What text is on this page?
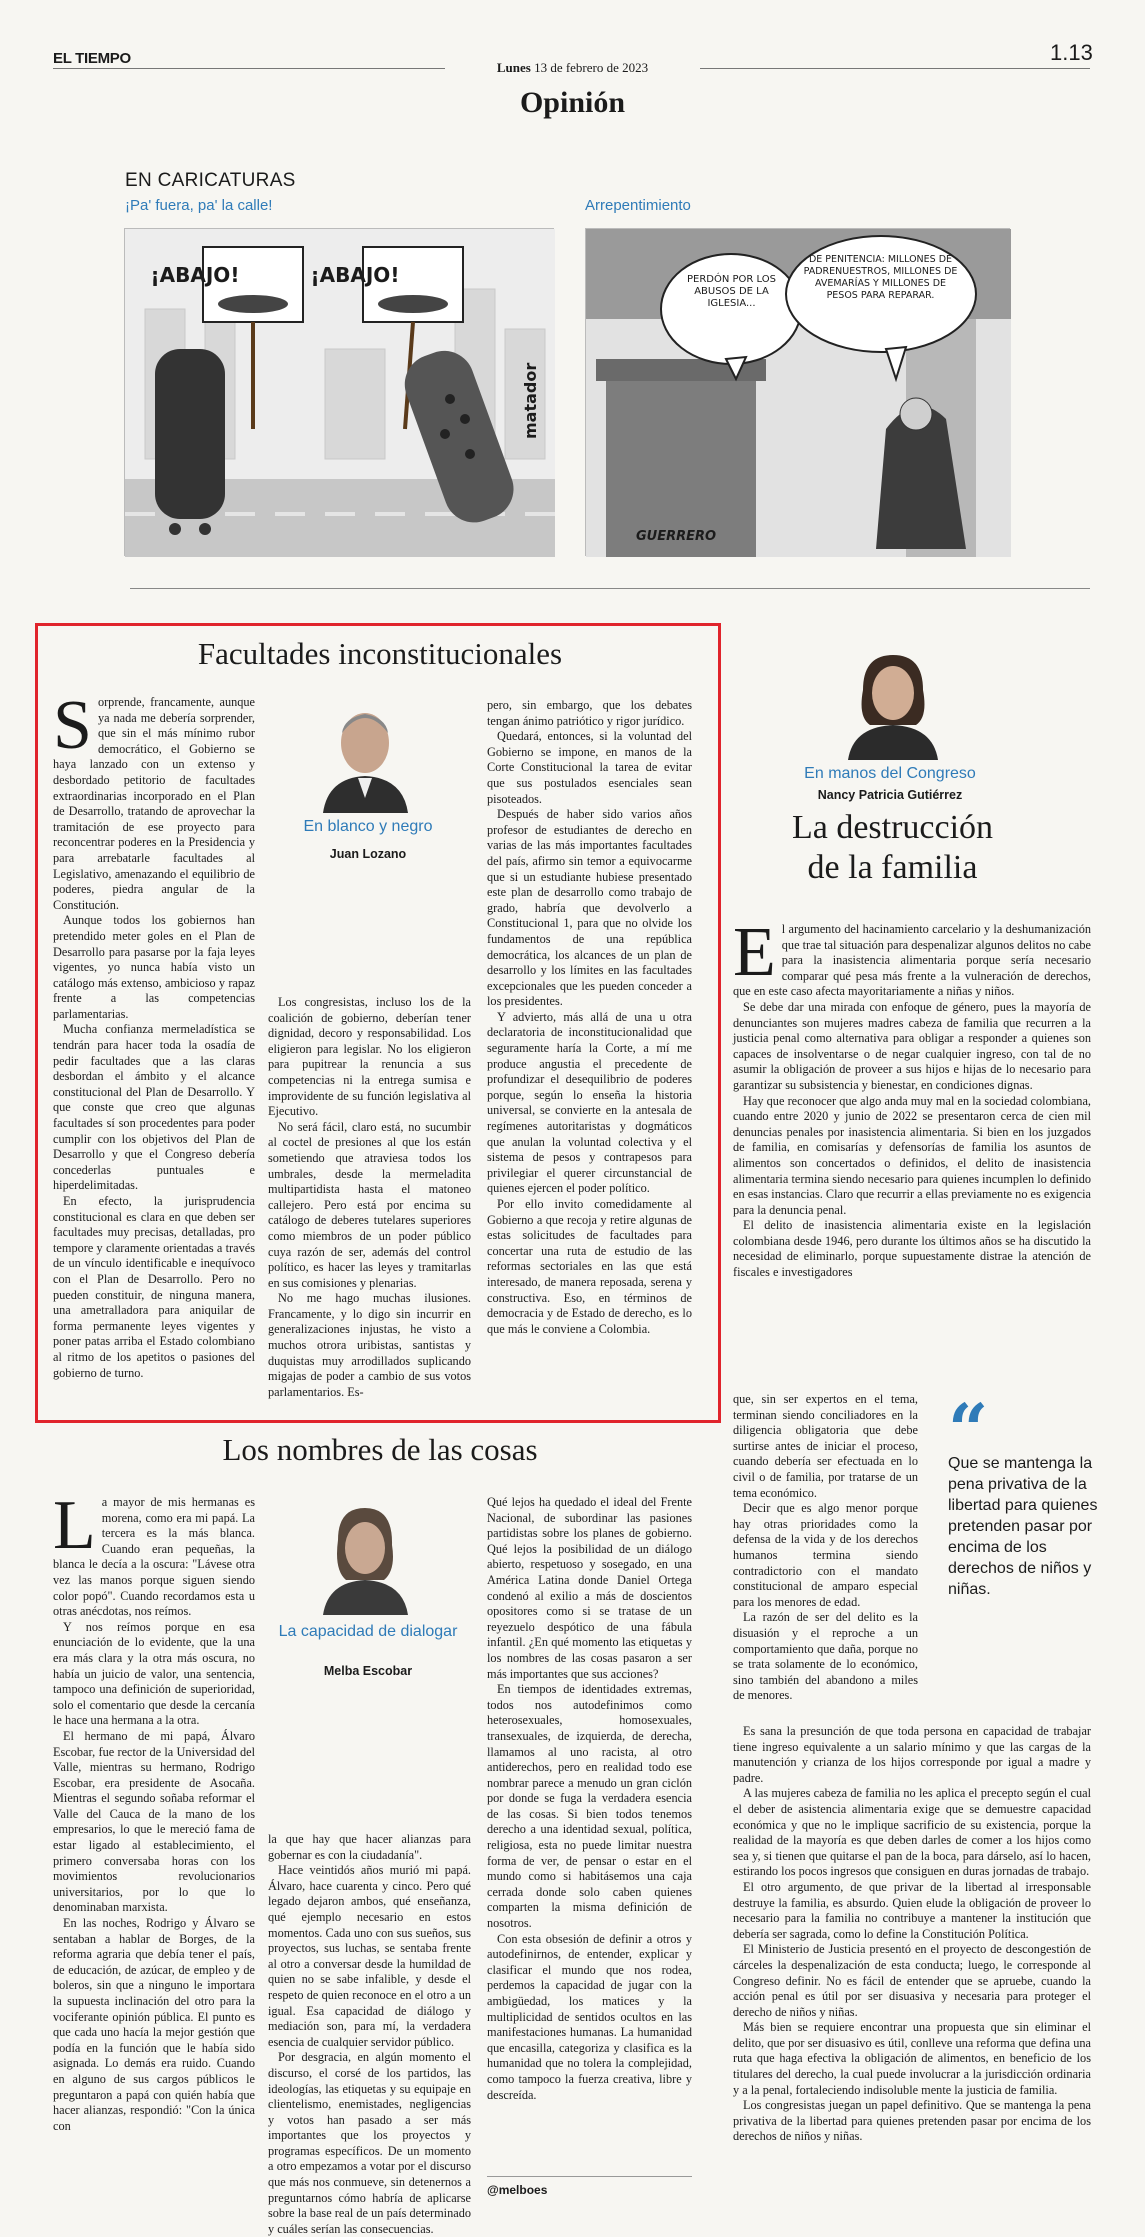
EL TIEMPO
Lunes 13 de febrero de 2023
1.13
Opinión
EN CARICATURAS
¡Pa' fuera, pa' la calle!	Arrepentimiento
¡ABAJO!	¡ABAJO!
matador
PERDÓN POR LOS ABUSOS DE LA IGLESIA...
DE PENITENCIA: MILLONES DE PADRENUESTROS, MILLONES DE AVEMARÍAS Y MILLONES DE PESOS PARA REPARAR.
GUERRERO
Facultades inconstitucionales
S orprende, francamente, aunque ya nada me debería sorprender, que sin el más mínimo rubor democrático, el Gobierno se haya lanzado con un extenso y desbordado petitorio de facultades extraordinarias incorporado en el Plan de Desarrollo, tratando de aprovechar la tramitación de ese proyecto para reconcentrar poderes en la Presidencia y para arrebatarle facultades al Legislativo, amenazando el equilibrio de poderes, piedra angular de la Constitución.

Aunque todos los gobiernos han pretendido meter goles en el Plan de Desarrollo para pasarse por la faja leyes vigentes, yo nunca había visto un catálogo más extenso, ambicioso y rapaz frente a las competencias parlamentarias.

Mucha confianza mermeladística se tendrán para hacer toda la osadía de pedir facultades que a las claras desbordan el ámbito y el alcance constitucional del Plan de Desarrollo. Y que conste que creo que algunas facultades sí son procedentes para poder cumplir con los objetivos del Plan de Desarrollo y que el Congreso debería concederlas puntuales e hiperdelimitadas.

En efecto, la jurisprudencia constitucional es clara en que deben ser facultades muy precisas, detalladas, pro tempore y claramente orientadas a través de un vínculo identificable e inequívoco con el Plan de Desarrollo. Pero no pueden constituir, de ninguna manera, una ametralladora para aniquilar de forma permanente leyes vigentes y poner patas arriba el Estado colombiano al ritmo de los apetitos o pasiones del gobierno de turno.

En blanco y negro
Juan Lozano

Los congresistas, incluso los de la coalición de gobierno, deberían tener dignidad, decoro y responsabilidad. Los eligieron para legislar. No los eligieron para pupitrear la renuncia a sus competencias ni la entrega sumisa e improvidente de su función legislativa al Ejecutivo.

No será fácil, claro está, no sucumbir al coctel de presiones al que los están sometiendo que atraviesa todos los umbrales, desde la mermeladita multipartidista hasta el matoneo callejero. Pero está por encima su catálogo de deberes tutelares superiores como miembros de un poder público cuya razón de ser, además del control político, es hacer las leyes y tramitarlas en sus comisiones y plenarias.

No me hago muchas ilusiones. Francamente, y lo digo sin incurrir en generalizaciones injustas, he visto a muchos otrora uribistas, santistas y duquistas muy arrodillados suplicando migajas de poder a cambio de sus votos parlamentarios. Es-

pero, sin embargo, que los debates tengan ánimo patriótico y rigor jurídico.

Quedará, entonces, si la voluntad del Gobierno se impone, en manos de la Corte Constitucional la tarea de evitar que sus postulados esenciales sean pisoteados.

Después de haber sido varios años profesor de estudiantes de derecho en varias de las más importantes facultades del país, afirmo sin temor a equivocarme que si un estudiante hubiese presentado este plan de desarrollo como trabajo de grado, habría que devolverlo a Constitucional 1, para que no olvide los fundamentos de una república democrática, los alcances de un plan de desarrollo y los límites en las facultades excepcionales que les pueden conceder a los presidentes.

Y advierto, más allá de una u otra declaratoria de inconstitucionalidad que seguramente haría la Corte, a mí me produce angustia el precedente de profundizar el desequilibrio de poderes porque, según lo enseña la historia universal, se convierte en la antesala de regímenes autoritaristas y dogmáticos que anulan la voluntad colectiva y el sistema de pesos y contrapesos para privilegiar el querer circunstancial de quienes ejercen el poder político.

Por ello invito comedidamente al Gobierno a que recoja y retire algunas de estas solicitudes de facultades para concertar una ruta de estudio de las reformas sectoriales en las que está interesado, de manera reposada, serena y constructiva. Eso, en términos de democracia y de Estado de derecho, es lo que más le conviene a Colombia.

Los nombres de las cosas
L a mayor de mis hermanas es morena, como era mi papá. La tercera es la más blanca. Cuando eran pequeñas, la blanca le decía a la oscura: "Lávese otra vez las manos porque siguen siendo color popó". Cuando recordamos esta u otras anécdotas, nos reímos.

Y nos reímos porque en esa enunciación de lo evidente, que la una era más clara y la otra más oscura, no había un juicio de valor, una sentencia, tampoco una definición de superioridad, solo el comentario que desde la cercanía le hace una hermana a la otra.

El hermano de mi papá, Álvaro Escobar, fue rector de la Universidad del Valle, mientras su hermano, Rodrigo Escobar, era presidente de Asocaña. Mientras el segundo soñaba reformar el Valle del Cauca de la mano de los empresarios, lo que le mereció fama de estar ligado al establecimiento, el primero conversaba horas con los movimientos revolucionarios universitarios, por lo que lo denominaban marxista.

En las noches, Rodrigo y Álvaro se sentaban a hablar de Borges, de la reforma agraria que debía tener el país, de educación, de azúcar, de empleo y de boleros, sin que a ninguno le importara la supuesta inclinación del otro para la vociferante opinión pública. El punto es que cada uno hacía la mejor gestión que podía en la función que le había sido asignada. Lo demás era ruido. Cuando en alguno de sus cargos públicos le preguntaron a papá con quién había que hacer alianzas, respondió: "Con la única con

La capacidad de dialogar
Melba Escobar

la que hay que hacer alianzas para gobernar es con la ciudadanía".

Hace veintidós años murió mi papá. Álvaro, hace cuarenta y cinco. Pero qué legado dejaron ambos, qué enseñanza, qué ejemplo necesario en estos momentos. Cada uno con sus sueños, sus proyectos, sus luchas, se sentaba frente al otro a conversar desde la humildad de quien no se sabe infalible, y desde el respeto de quien reconoce en el otro a un igual. Esa capacidad de diálogo y mediación son, para mí, la verdadera esencia de cualquier servidor público.

Por desgracia, en algún momento el discurso, el corsé de los partidos, las ideologías, las etiquetas y su equipaje en clientelismo, enemistades, negligencias y votos han pasado a ser más importantes que los proyectos y programas específicos. De un momento a otro empezamos a votar por el discurso que más nos conmueve, sin detenernos a preguntarnos cómo habría de aplicarse sobre la base real de un país determinado y cuáles serían las consecuencias.

Qué lejos ha quedado el ideal del Frente Nacional, de subordinar las pasiones partidistas sobre los planes de gobierno. Qué lejos la posibilidad de un diálogo abierto, respetuoso y sosegado, en una América Latina donde Daniel Ortega condenó al exilio a más de doscientos opositores como si se tratase de un reyezuelo despótico de una fábula infantil. ¿En qué momento las etiquetas y los nombres de las cosas pasaron a ser más importantes que sus acciones?

En tiempos de identidades extremas, todos nos autodefinimos como heterosexuales, homosexuales, transexuales, de izquierda, de derecha, llamamos al uno racista, al otro antiderechos, pero en realidad todo ese nombrar parece a menudo un gran ciclón por donde se fuga la verdadera esencia de las cosas. Si bien todos tenemos derecho a una identidad sexual, política, religiosa, esta no puede limitar nuestra forma de ver, de pensar o estar en el mundo como si habitásemos una caja cerrada donde solo caben quienes comparten la misma definición de nosotros.

Con esta obsesión de definir a otros y autodefinirnos, de entender, explicar y clasificar el mundo que nos rodea, perdemos la capacidad de jugar con la ambigüedad, los matices y la multiplicidad de sentidos ocultos en las manifestaciones humanas. La humanidad que encasilla, categoriza y clasifica es la humanidad que no tolera la complejidad, como tampoco la fuerza creativa, libre y descreída.

@melboes
En manos del Congreso
Nancy Patricia Gutiérrez
La destrucción
de la familia
E l argumento del hacinamiento carcelario y la deshumanización que trae tal situación para despenalizar algunos delitos no cabe para la inasistencia alimentaria porque sería necesario comparar qué pesa más frente a la vulneración de derechos, que en este caso afecta mayoritariamente a niñas y niños.

Se debe dar una mirada con enfoque de género, pues la mayoría de denunciantes son mujeres madres cabeza de familia que recurren a la justicia penal como alternativa para obligar a responder a quienes son capaces de insolventarse o de negar cualquier ingreso, con tal de no asumir la obligación de proveer a sus hijos e hijas de lo necesario para garantizar su subsistencia y bienestar, en condiciones dignas.

Hay que reconocer que algo anda muy mal en la sociedad colombiana, cuando entre 2020 y junio de 2022 se presentaron cerca de cien mil denuncias penales por inasistencia alimentaria. Si bien en los juzgados de familia, en comisarías y defensorías de familia los asuntos de alimentos son concertados o definidos, el delito de inasistencia alimentaria termina siendo necesario para quienes incumplen lo definido en esas instancias. Claro que recurrir a ellas previamente no es exigencia para la denuncia penal.

El delito de inasistencia alimentaria existe en la legislación colombiana desde 1946, pero durante los últimos años se ha discutido la necesidad de eliminarlo, porque supuestamente distrae la atención de fiscales e investigadores

que, sin ser expertos en el tema, terminan siendo conciliadores en la diligencia obligatoria que debe surtirse antes de iniciar el proceso, cuando debería ser efectuada en lo civil o de familia, por tratarse de un tema económico.

Decir que es algo menor porque hay otras prioridades como la defensa de la vida y de los derechos humanos termina siendo contradictorio con el mandato constitucional de amparo especial para los menores de edad.

La razón de ser del delito es la disuasión y el reproche a un comportamiento que daña, porque no se trata solamente de lo económico, sino también del abandono a miles de menores.

“
Que se mantenga la pena privativa de la libertad para quienes pretenden pasar por encima de los derechos de niños y niñas.

Es sana la presunción de que toda persona en capacidad de trabajar tiene ingreso equivalente a un salario mínimo y que las cargas de la manutención y crianza de los hijos corresponde por igual a madre y padre.

A las mujeres cabeza de familia no les aplica el precepto según el cual el deber de asistencia alimentaria exige que se demuestre capacidad económica y que no le implique sacrificio de su existencia, porque la realidad de la mayoría es que deben darles de comer a los hijos como sea y, si tienen que quitarse el pan de la boca, para dárselo, así lo hacen, estirando los pocos ingresos que consiguen en duras jornadas de trabajo.

El otro argumento, de que privar de la libertad al irresponsable destruye la familia, es absurdo. Quien elude la obligación de proveer lo necesario para la familia no contribuye a mantener la institución que debería ser sagrada, como lo define la Constitución Política.

El Ministerio de Justicia presentó en el proyecto de descongestión de cárceles la despenalización de esta conducta; luego, le corresponde al Congreso definir. No es fácil de entender que se apruebe, cuando la acción penal es útil por ser disuasiva y necesaria para proteger el derecho de niños y niñas.

Más bien se requiere encontrar una propuesta que sin eliminar el delito, que por ser disuasivo es útil, conlleve una reforma que defina una ruta que haga efectiva la obligación de alimentos, en beneficio de los titulares del derecho, la cual puede involucrar a la jurisdicción ordinaria y a la penal, fortaleciendo indisoluble mente la justicia de familia.

Los congresistas juegan un papel definitivo. Que se mantenga la pena privativa de la libertad para quienes pretenden pasar por encima de los derechos de niños y niñas.
